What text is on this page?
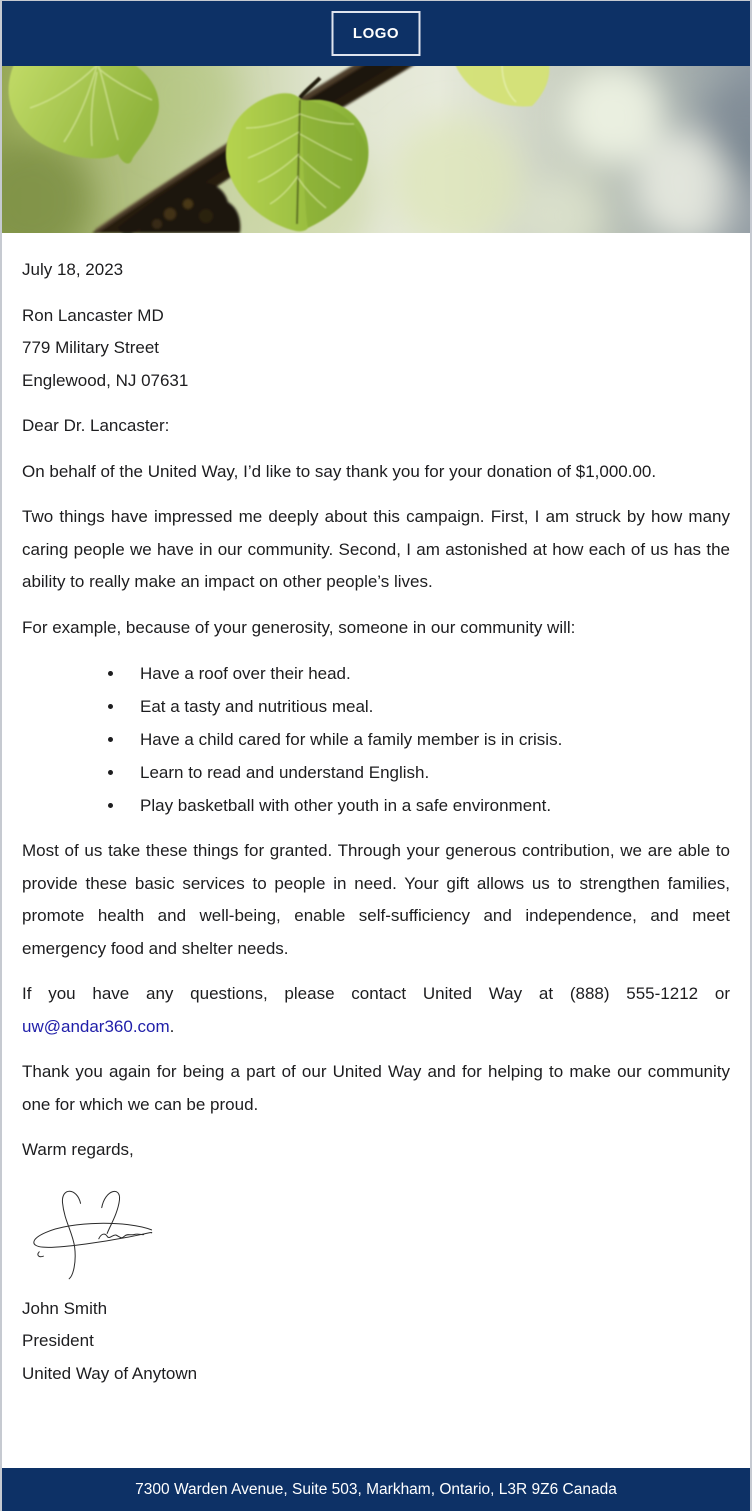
LOGO

July 18, 2023

Ron Lancaster MD
779 Military Street
Englewood, NJ 07631

Dear Dr. Lancaster:

On behalf of the United Way, I’d like to say thank you for your donation of $1,000.00.

Two things have impressed me deeply about this campaign. First, I am struck by how many caring people we have in our community. Second, I am astonished at how each of us has the ability to really make an impact on other people’s lives.

For example, because of your generosity, someone in our community will:

Have a roof over their head.
Eat a tasty and nutritious meal.
Have a child cared for while a family member is in crisis.
Learn to read and understand English.
Play basketball with other youth in a safe environment.

Most of us take these things for granted. Through your generous contribution, we are able to provide these basic services to people in need. Your gift allows us to strengthen families, promote health and well-being, enable self-sufficiency and independence, and meet emergency food and shelter needs.

If you have any questions, please contact United Way at (888) 555-1212 or uw@andar360.com.

Thank you again for being a part of our United Way and for helping to make our community one for which we can be proud.

Warm regards,

John Smith
President
United Way of Anytown

7300 Warden Avenue, Suite 503, Markham, Ontario, L3R 9Z6 Canada
